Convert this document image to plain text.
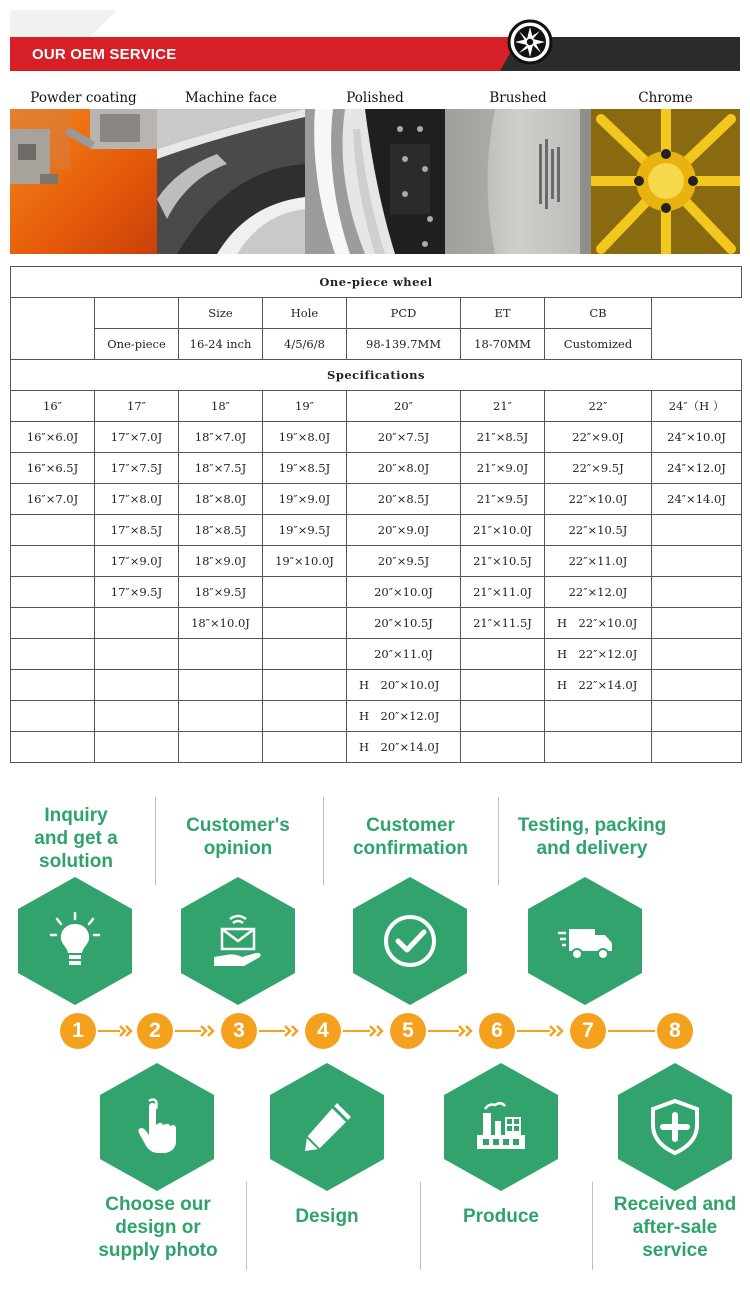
OUR OEM SERVICE
Powder coating	Machine face	Polished	Brushed	Chrome
One-piece wheel							
		Size	Hole	PCD	ET	CB	
	One-piece	16-24 inch	4/5/6/8	98-139.7MM	18-70MM	Customized	
Specifications							
16″	17″	18″	19″	20″	21″	22″	24″（H ）
16″×6.0J	17″×7.0J	18″×7.0J	19″×8.0J	20″×7.5J	21″×8.5J	22″×9.0J	24″×10.0J
16″×6.5J	17″×7.5J	18″×7.5J	19″×8.5J	20″×8.0J	21″×9.0J	22″×9.5J	24″×12.0J
16″×7.0J	17″×8.0J	18″×8.0J	19″×9.0J	20″×8.5J	21″×9.5J	22″×10.0J	24″×14.0J
	17″×8.5J	18″×8.5J	19″×9.5J	20″×9.0J	21″×10.0J	22″×10.5J	
	17″×9.0J	18″×9.0J	19″×10.0J	20″×9.5J	21″×10.5J	22″×11.0J	
	17″×9.5J	18″×9.5J		20″×10.0J	21″×11.0J	22″×12.0J	
		18″×10.0J		20″×10.5J	21″×11.5J	H　22″×10.0J	
				20″×11.0J		H　22″×12.0J	
				H　20″×10.0J		H　22″×14.0J	
				H　20″×12.0J			
				H　20″×14.0J			
Inquiry
and get a
solution
Customer's
opinion
Customer
confirmation
Testing, packing
and delivery
1	2	3	4	5	6	7	8
Choose our
design or
supply photo
Design	Produce
Received and
after-sale
service
